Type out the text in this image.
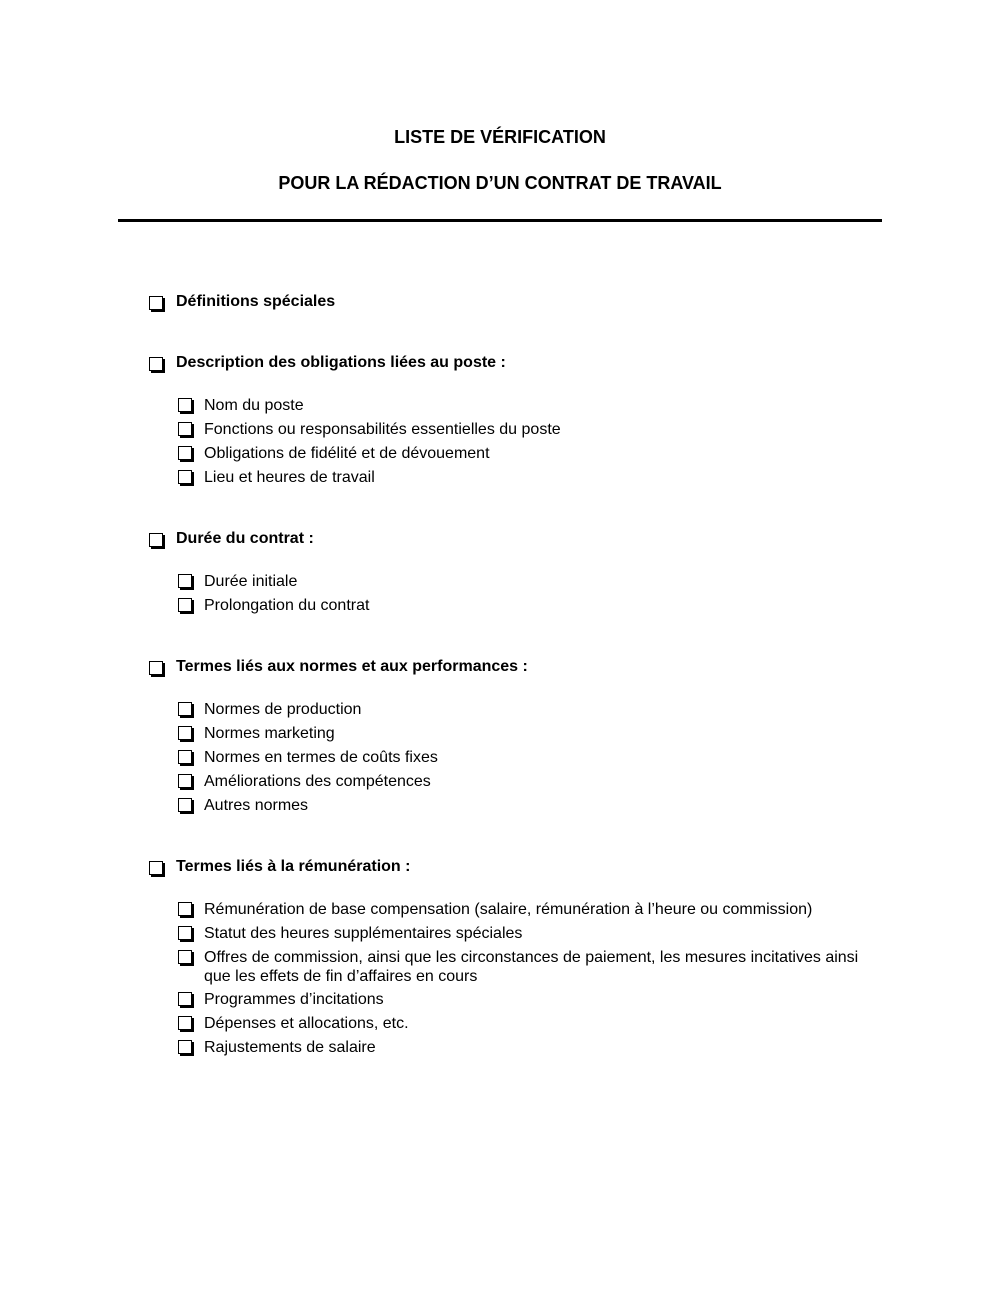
LISTE DE VÉRIFICATION
POUR LA RÉDACTION D’UN CONTRAT DE TRAVAIL
Définitions spéciales
Description des obligations liées au poste :
Nom du poste
Fonctions ou responsabilités essentielles du poste
Obligations de fidélité et de dévouement
Lieu et heures de travail
Durée du contrat :
Durée initiale
Prolongation du contrat
Termes liés aux normes et aux performances :
Normes de production
Normes marketing
Normes en termes de coûts fixes
Améliorations des compétences
Autres normes
Termes liés à la rémunération :
Rémunération de base compensation (salaire, rémunération à l’heure ou commission)
Statut des heures supplémentaires spéciales
Offres de commission, ainsi que les circonstances de paiement, les mesures incitatives ainsi que les effets de fin d’affaires en cours
Programmes d’incitations
Dépenses et allocations, etc.
Rajustements de salaire
